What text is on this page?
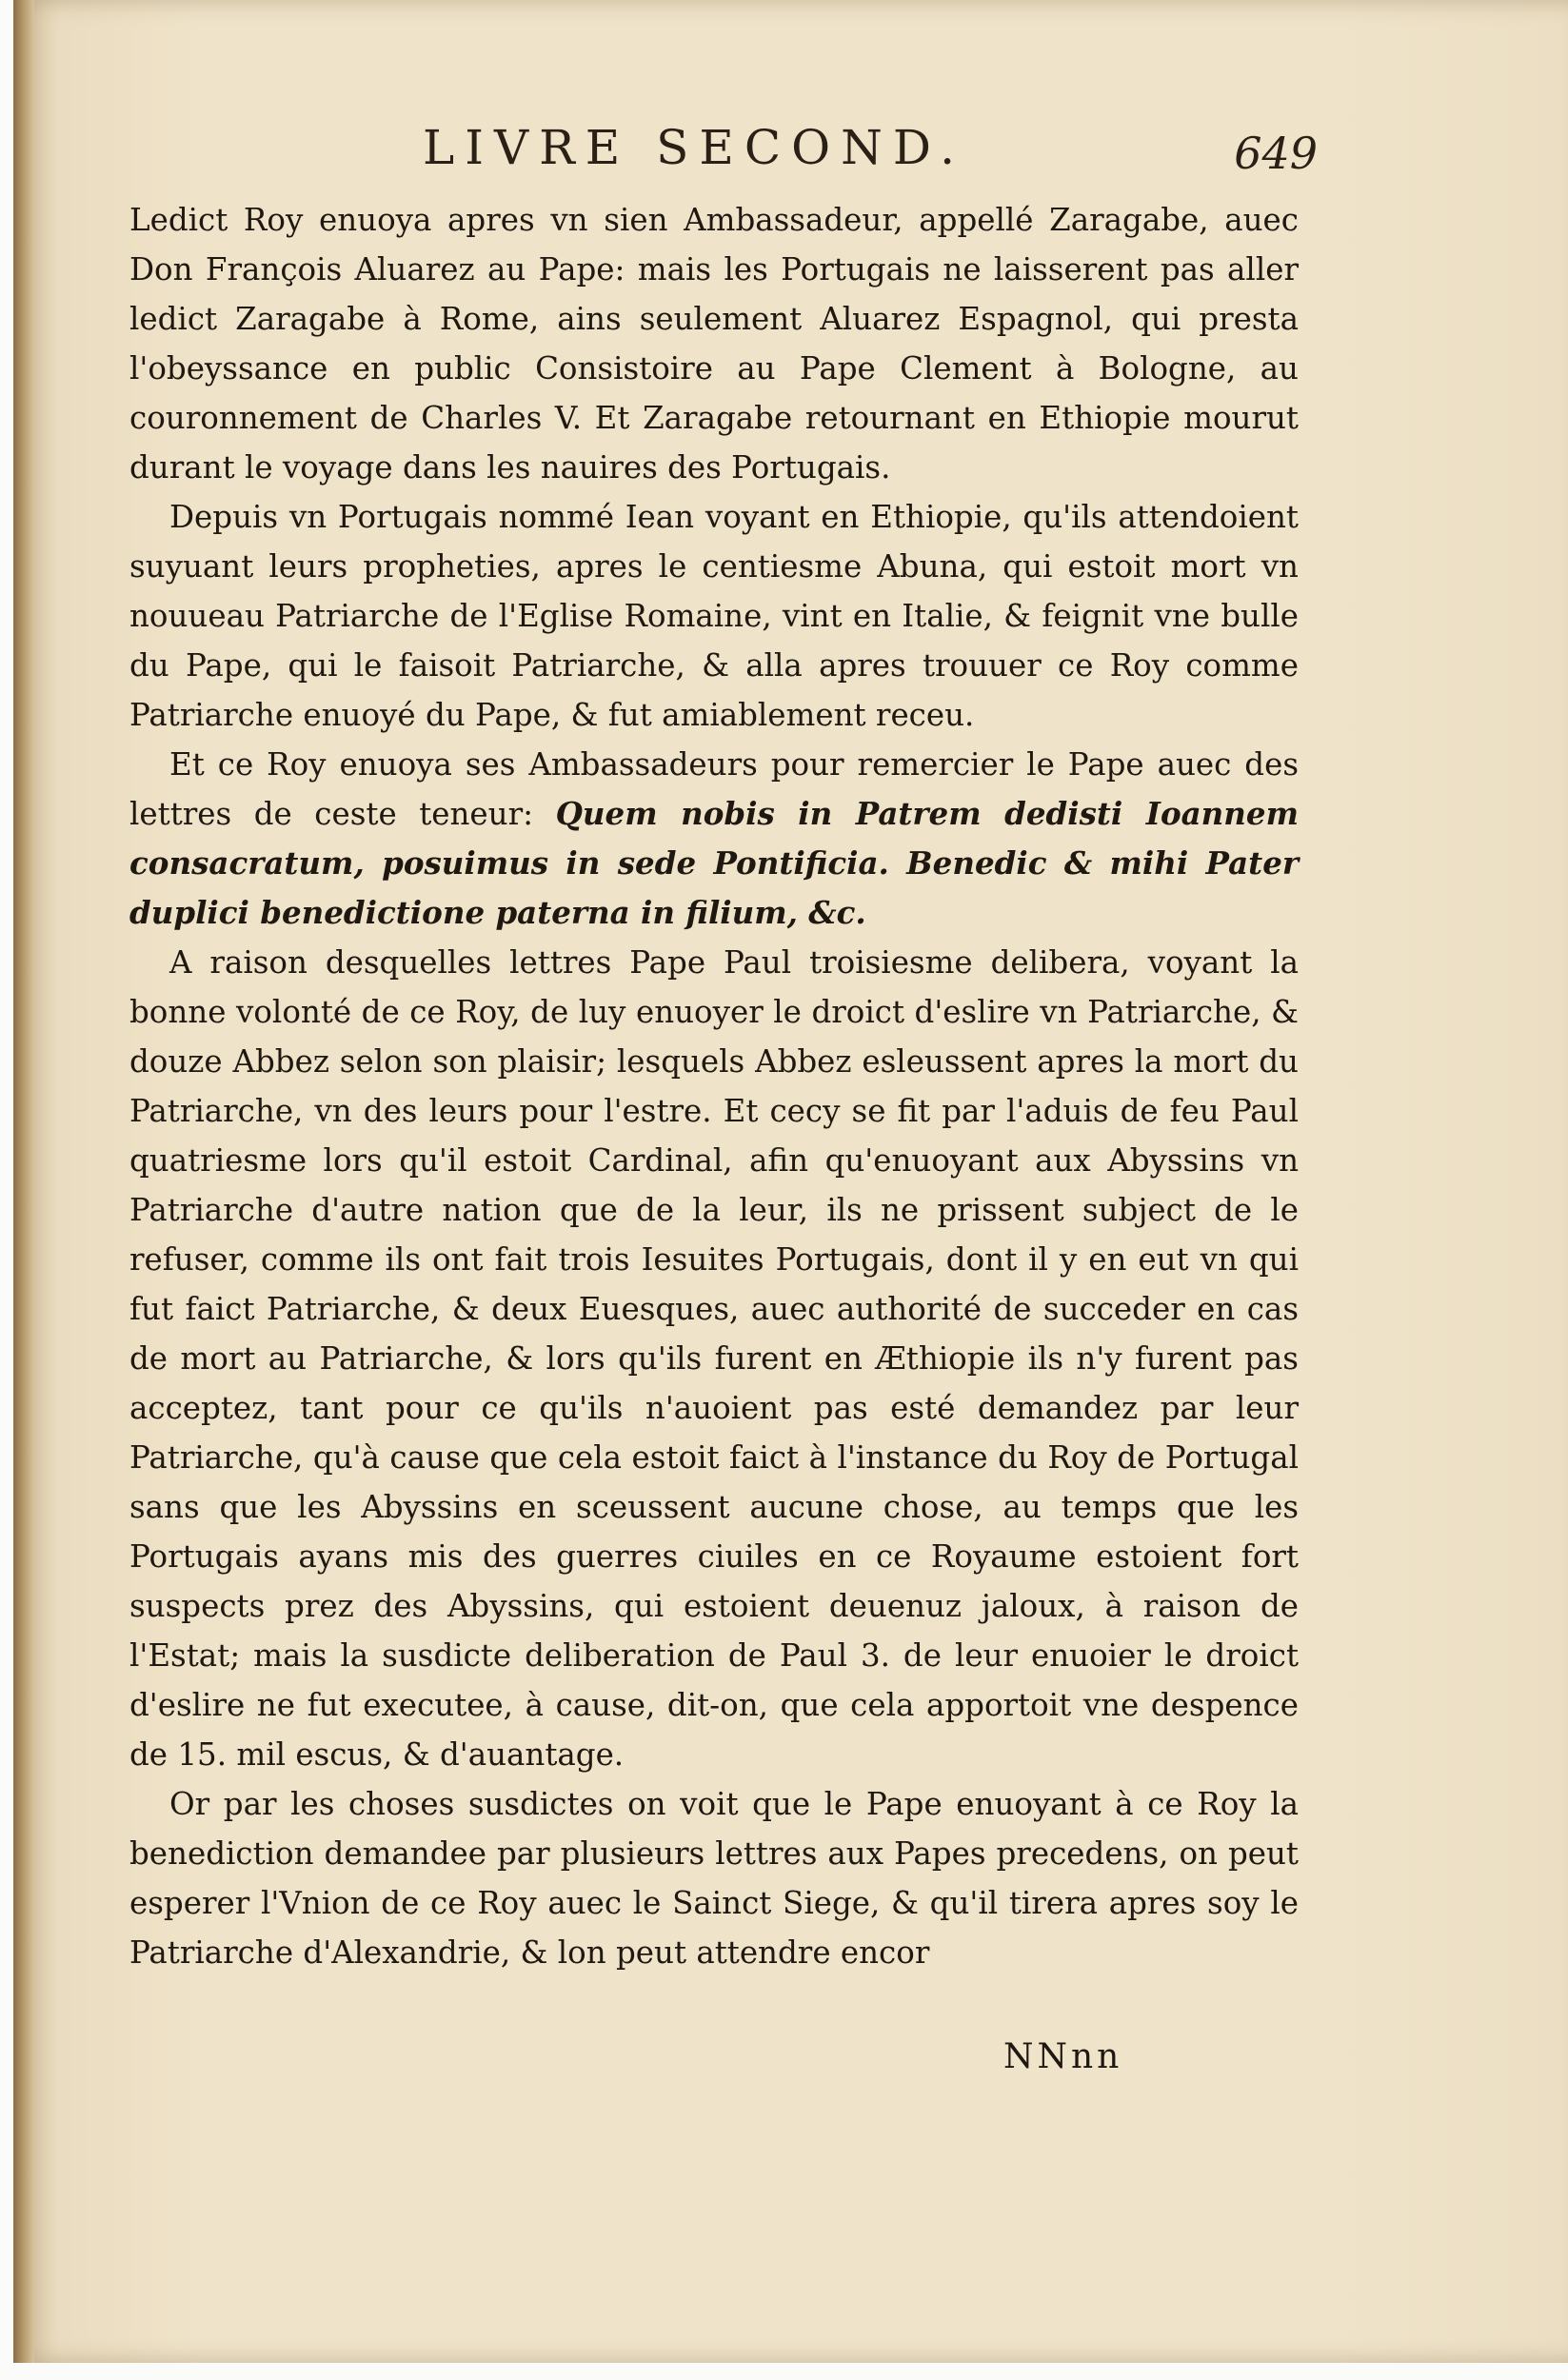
LIVRE SECOND.	649

Ledict Roy enuoya apres vn sien Ambassadeur, appellé Zaragabe, auec Don François Aluarez au Pape: mais les Portugais ne laisserent pas aller ledict Zaragabe à Rome, ains seulement Aluarez Espagnol, qui presta l'obeyssance en public Consistoire au Pape Clement à Bologne, au couronnement de Charles V. Et Zaragabe retournant en Ethiopie mourut durant le voyage dans les nauires des Portugais.

Depuis vn Portugais nommé Iean voyant en Ethiopie, qu'ils attendoient suyuant leurs propheties, apres le centiesme Abuna, qui estoit mort vn nouueau Patriarche de l'Eglise Romaine, vint en Italie, & feignit vne bulle du Pape, qui le faisoit Patriarche, & alla apres trouuer ce Roy comme Patriarche enuoyé du Pape, & fut amiablement receu.

Et ce Roy enuoya ses Ambassadeurs pour remercier le Pape auec des lettres de ceste teneur: Quem nobis in Patrem dedisti Ioannem consacratum, posuimus in sede Pontificia. Benedic & mihi Pater duplici benedictione paterna in filium, &c.

A raison desquelles lettres Pape Paul troisiesme delibera, voyant la bonne volonté de ce Roy, de luy enuoyer le droict d'eslire vn Patriarche, & douze Abbez selon son plaisir; lesquels Abbez esleussent apres la mort du Patriarche, vn des leurs pour l'estre. Et cecy se fit par l'aduis de feu Paul quatriesme lors qu'il estoit Cardinal, afin qu'enuoyant aux Abyssins vn Patriarche d'autre nation que de la leur, ils ne prissent subject de le refuser, comme ils ont fait trois Iesuites Portugais, dont il y en eut vn qui fut faict Patriarche, & deux Euesques, auec authorité de succeder en cas de mort au Patriarche, & lors qu'ils furent en Æthiopie ils n'y furent pas acceptez, tant pour ce qu'ils n'auoient pas esté demandez par leur Patriarche, qu'à cause que cela estoit faict à l'instance du Roy de Portugal sans que les Abyssins en sceussent aucune chose, au temps que les Portugais ayans mis des guerres ciuiles en ce Royaume estoient fort suspects prez des Abyssins, qui estoient deuenuz jaloux, à raison de l'Estat; mais la susdicte deliberation de Paul 3. de leur enuoier le droict d'eslire ne fut executee, à cause, dit-on, que cela apportoit vne despence de 15. mil escus, & d'auantage.

Or par les choses susdictes on voit que le Pape enuoyant à ce Roy la benediction demandee par plusieurs lettres aux Papes precedens, on peut esperer l'Vnion de ce Roy auec le Sainct Siege, & qu'il tirera apres soy le Patriarche d'Alexandrie, & lon peut attendre encor

NNnn
